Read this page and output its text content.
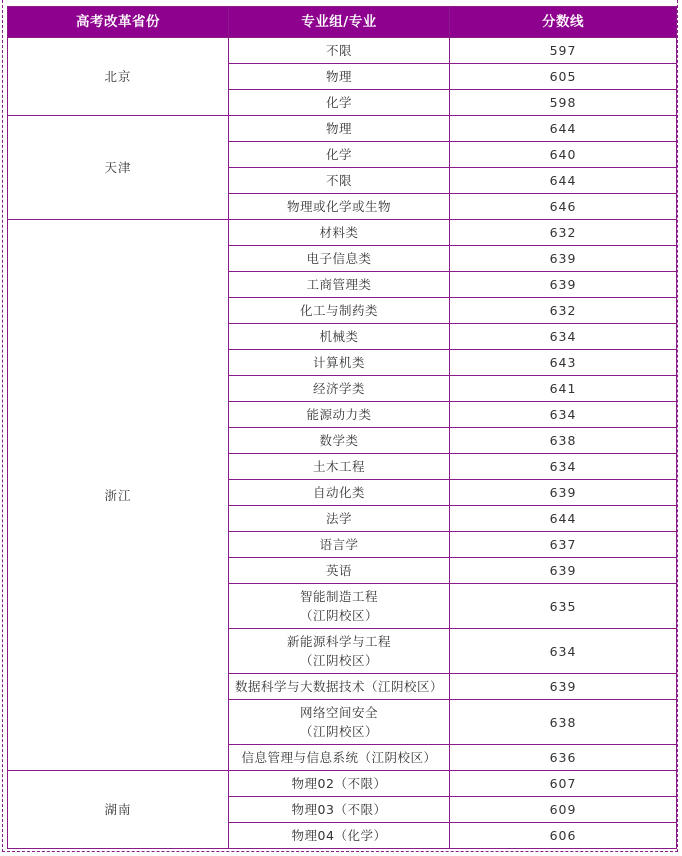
高考改革省份	专业组/专业	分数线
北京	不限	597

	物理	605

	化学	598
天津	物理	644

	化学	640

	不限	644

	物理或化学或生物	646
浙江	材料类	632

	电子信息类	639

	工商管理类	639

	化工与制药类	632

	机械类	634

	计算机类	643

	经济学类	641

	能源动力类	634

	数学类	638

	土木工程	634

	自动化类	639

	法学	644

	语言学	637

	英语	639

	智能制造工程
（江阴校区）	635

	新能源科学与工程
（江阴校区）	634

	数据科学与大数据技术（江阴校区）	639

	网络空间安全
（江阴校区）	638

	信息管理与信息系统（江阴校区）	636
湖南	物理02（不限）	607

	物理03（不限）	609

	物理04（化学）	606
